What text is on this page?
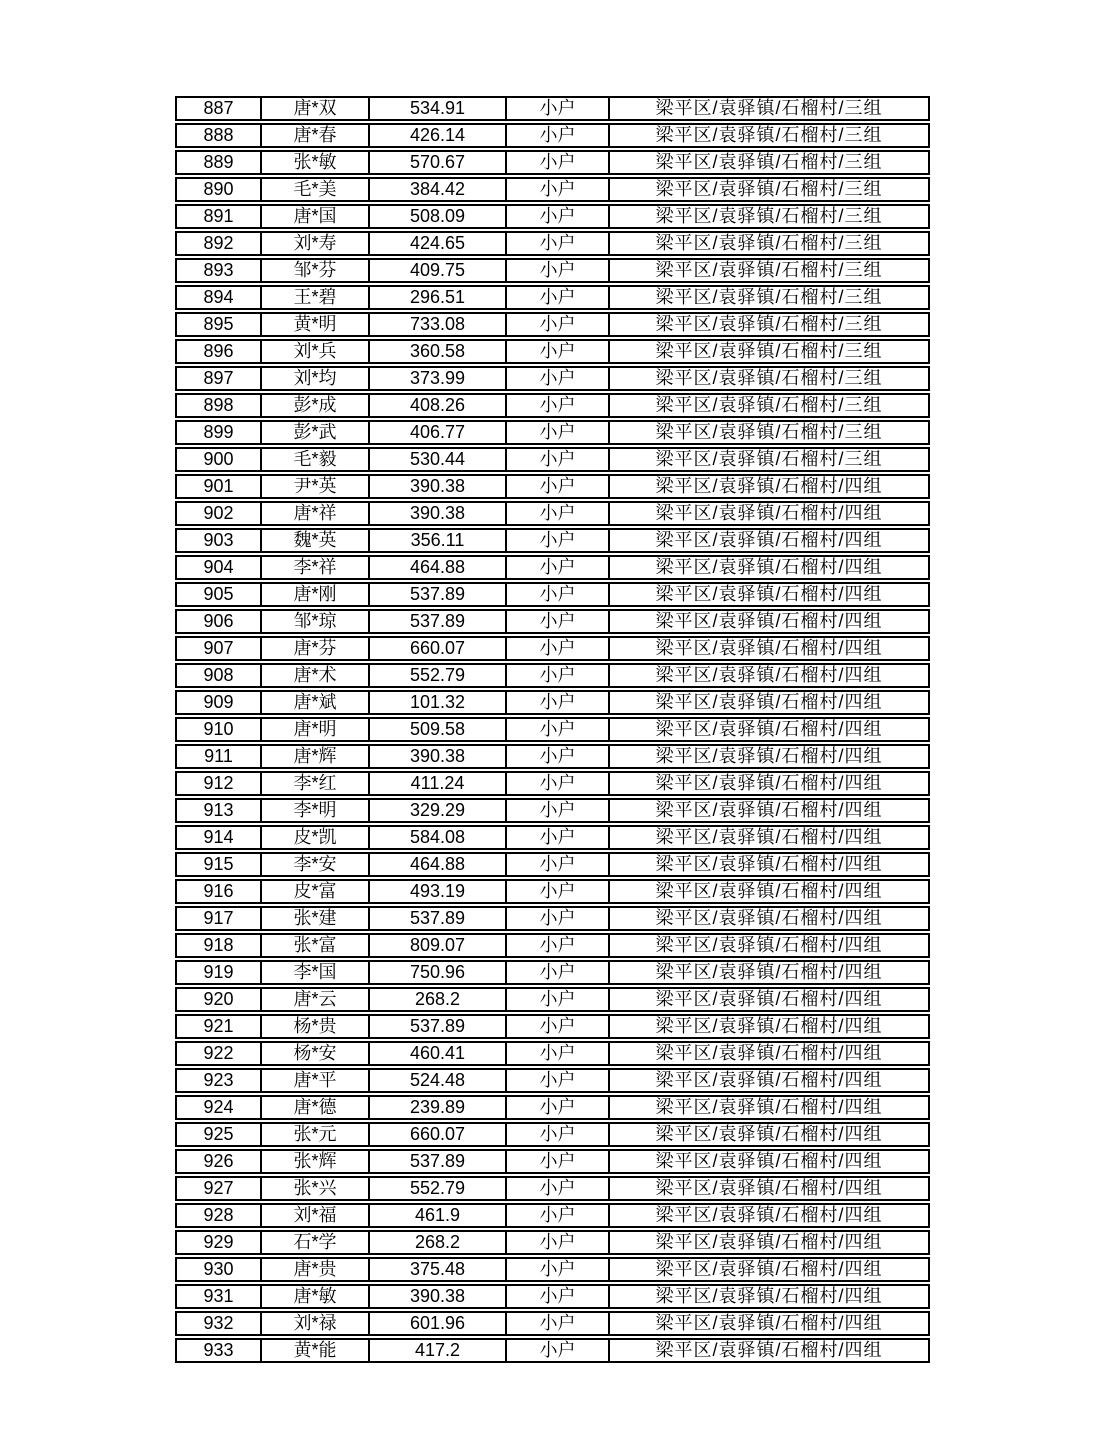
887	唐*双	534.91	小户	梁平区/袁驿镇/石榴村/三组
888	唐*春	426.14	小户	梁平区/袁驿镇/石榴村/三组
889	张*敏	570.67	小户	梁平区/袁驿镇/石榴村/三组
890	毛*美	384.42	小户	梁平区/袁驿镇/石榴村/三组
891	唐*国	508.09	小户	梁平区/袁驿镇/石榴村/三组
892	刘*寿	424.65	小户	梁平区/袁驿镇/石榴村/三组
893	邹*芬	409.75	小户	梁平区/袁驿镇/石榴村/三组
894	王*碧	296.51	小户	梁平区/袁驿镇/石榴村/三组
895	黄*明	733.08	小户	梁平区/袁驿镇/石榴村/三组
896	刘*兵	360.58	小户	梁平区/袁驿镇/石榴村/三组
897	刘*均	373.99	小户	梁平区/袁驿镇/石榴村/三组
898	彭*成	408.26	小户	梁平区/袁驿镇/石榴村/三组
899	彭*武	406.77	小户	梁平区/袁驿镇/石榴村/三组
900	毛*毅	530.44	小户	梁平区/袁驿镇/石榴村/三组
901	尹*英	390.38	小户	梁平区/袁驿镇/石榴村/四组
902	唐*祥	390.38	小户	梁平区/袁驿镇/石榴村/四组
903	魏*英	356.11	小户	梁平区/袁驿镇/石榴村/四组
904	李*祥	464.88	小户	梁平区/袁驿镇/石榴村/四组
905	唐*刚	537.89	小户	梁平区/袁驿镇/石榴村/四组
906	邹*琼	537.89	小户	梁平区/袁驿镇/石榴村/四组
907	唐*芬	660.07	小户	梁平区/袁驿镇/石榴村/四组
908	唐*术	552.79	小户	梁平区/袁驿镇/石榴村/四组
909	唐*斌	101.32	小户	梁平区/袁驿镇/石榴村/四组
910	唐*明	509.58	小户	梁平区/袁驿镇/石榴村/四组
911	唐*辉	390.38	小户	梁平区/袁驿镇/石榴村/四组
912	李*红	411.24	小户	梁平区/袁驿镇/石榴村/四组
913	李*明	329.29	小户	梁平区/袁驿镇/石榴村/四组
914	皮*凯	584.08	小户	梁平区/袁驿镇/石榴村/四组
915	李*安	464.88	小户	梁平区/袁驿镇/石榴村/四组
916	皮*富	493.19	小户	梁平区/袁驿镇/石榴村/四组
917	张*建	537.89	小户	梁平区/袁驿镇/石榴村/四组
918	张*富	809.07	小户	梁平区/袁驿镇/石榴村/四组
919	李*国	750.96	小户	梁平区/袁驿镇/石榴村/四组
920	唐*云	268.2	小户	梁平区/袁驿镇/石榴村/四组
921	杨*贵	537.89	小户	梁平区/袁驿镇/石榴村/四组
922	杨*安	460.41	小户	梁平区/袁驿镇/石榴村/四组
923	唐*平	524.48	小户	梁平区/袁驿镇/石榴村/四组
924	唐*德	239.89	小户	梁平区/袁驿镇/石榴村/四组
925	张*元	660.07	小户	梁平区/袁驿镇/石榴村/四组
926	张*辉	537.89	小户	梁平区/袁驿镇/石榴村/四组
927	张*兴	552.79	小户	梁平区/袁驿镇/石榴村/四组
928	刘*福	461.9	小户	梁平区/袁驿镇/石榴村/四组
929	石*学	268.2	小户	梁平区/袁驿镇/石榴村/四组
930	唐*贵	375.48	小户	梁平区/袁驿镇/石榴村/四组
931	唐*敏	390.38	小户	梁平区/袁驿镇/石榴村/四组
932	刘*禄	601.96	小户	梁平区/袁驿镇/石榴村/四组
933	黄*能	417.2	小户	梁平区/袁驿镇/石榴村/四组
